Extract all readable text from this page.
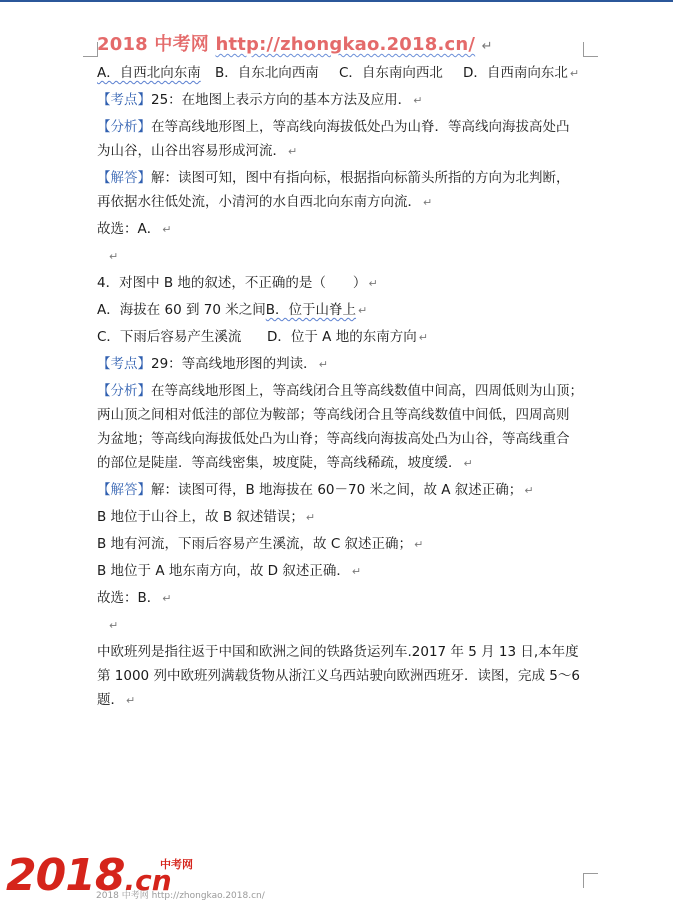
2018 中考网 http://zhongkao.2018.cn/ ↵
A．自西北向东南 B．自东北向西南 C．自东南向西北 D．自西南向东北 ↵
【考点】25：在地图上表示方向的基本方法及应用． ↵
【分析】在等高线地形图上，等高线向海拔低处凸为山脊．等高线向海拔高处凸
为山谷，山谷出容易形成河流． ↵
【解答】解：读图可知，图中有指向标，根据指向标箭头所指的方向为北判断，
再依据水往低处流，小清河的水自西北向东南方向流． ↵
故选：A． ↵
↵
4．对图中 B 地的叙述，不正确的是（　　） ↵
A．海拔在 60 到 70 米之间B．位于山脊上 ↵
C．下雨后容易产生溪流 D．位于 A 地的东南方向 ↵
【考点】29：等高线地形图的判读． ↵
【分析】在等高线地形图上，等高线闭合且等高线数值中间高，四周低则为山顶；
两山顶之间相对低洼的部位为鞍部；等高线闭合且等高线数值中间低，四周高则
为盆地；等高线向海拔低处凸为山脊；等高线向海拔高处凸为山谷，等高线重合
的部位是陡崖．等高线密集，坡度陡，等高线稀疏，坡度缓． ↵
【解答】解：读图可得，B 地海拔在 60－70 米之间，故 A 叙述正确； ↵
B 地位于山谷上，故 B 叙述错误； ↵
B 地有河流，下雨后容易产生溪流，故 C 叙述正确； ↵
B 地位于 A 地东南方向，故 D 叙述正确． ↵
故选：B． ↵
↵
中欧班列是指往返于中国和欧洲之间的铁路货运列车.2017 年 5 月 13 日,本年度
第 1000 列中欧班列满载货物从浙江义乌西站驶向欧洲西班牙．读图，完成 5～6
题． ↵
2018.cn
中考网
2018 中考网 http://zhongkao.2018.cn/
